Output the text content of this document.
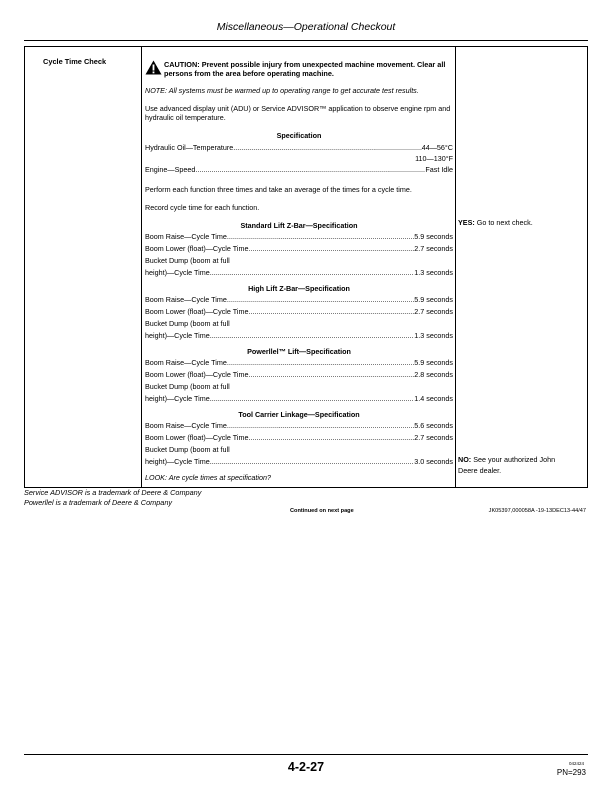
Miscellaneous—Operational Checkout
Cycle Time Check	CAUTION: Prevent possible injury from unexpected machine movement. Clear all persons from the area before operating machine.
NOTE: All systems must be warmed up to operating range to get accurate test results.
Use advanced display unit (ADU) or Service ADVISOR™ application to observe engine rpm and hydraulic oil temperature.
Specification
Hydraulic Oil—Temperature .....	44—56°C
110—130°F
Engine—Speed .....	Fast Idle
Perform each function three times and take an average of the times for a cycle time.
Record cycle time for each function.
Standard Lift Z-Bar—Specification
Boom Raise—Cycle Time .....	5.9 seconds
Boom Lower (float)—Cycle Time .....	2.7 seconds
Bucket Dump (boom at full
height)—Cycle Time .....	1.3 seconds
High Lift Z-Bar—Specification
Boom Raise—Cycle Time .....	5.9 seconds
Boom Lower (float)—Cycle Time .....	2.7 seconds
Bucket Dump (boom at full
height)—Cycle Time .....	1.3 seconds
Powerllel™ Lift—Specification
Boom Raise—Cycle Time .....	5.9 seconds
Boom Lower (float)—Cycle Time .....	2.8 seconds
Bucket Dump (boom at full
height)—Cycle Time .....	1.4 seconds
Tool Carrier Linkage—Specification
Boom Raise—Cycle Time .....	5.6 seconds
Boom Lower (float)—Cycle Time .....	2.7 seconds
Bucket Dump (boom at full
height)—Cycle Time .....	3.0 seconds
LOOK: Are cycle times at specification?
YES: Go to next check.
NO: See your authorized John Deere dealer.
Service ADVISOR is a trademark of Deere & Company
Powerllel is a trademark of Deere & Company
Continued on next page	JK05397,000058A -19-13DEC13-44/47
4-2-27	042424
PN=293
